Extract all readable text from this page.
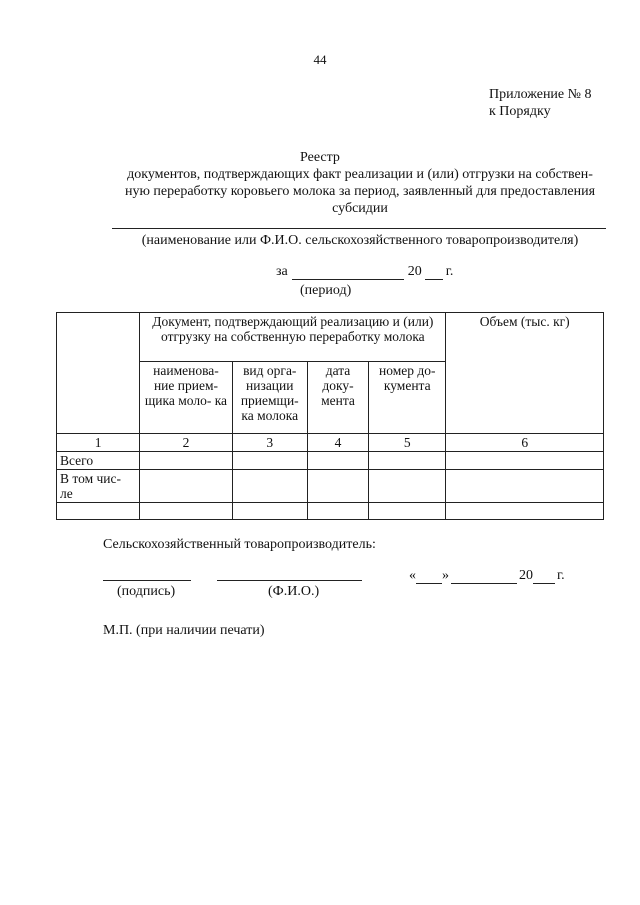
44
Приложение № 8
к Порядку
Реестр
документов, подтверждающих факт реализации и (или) отгрузки на собствен-
ную переработку коровьего молока за период, заявленный для предоставления
субсидии
(наименование или Ф.И.О. сельскохозяйственного товаропроизводителя)
за	20 г.
(период)
	Документ, подтверждающий реализацию и (или) отгрузку на собственную переработку молока				Объем (тыс. кг)
	наименова- ние прием- щика моло- ка	вид орга- низации приемщи- ка молока	дата доку- мента	номер до- кумента	
1	2	3	4	5	6
Всего					
В том чис- ле					

Сельскохозяйственный товаропроизводитель:
« »	20 г.
(подпись)	(Ф.И.О.)
М.П. (при наличии печати)
